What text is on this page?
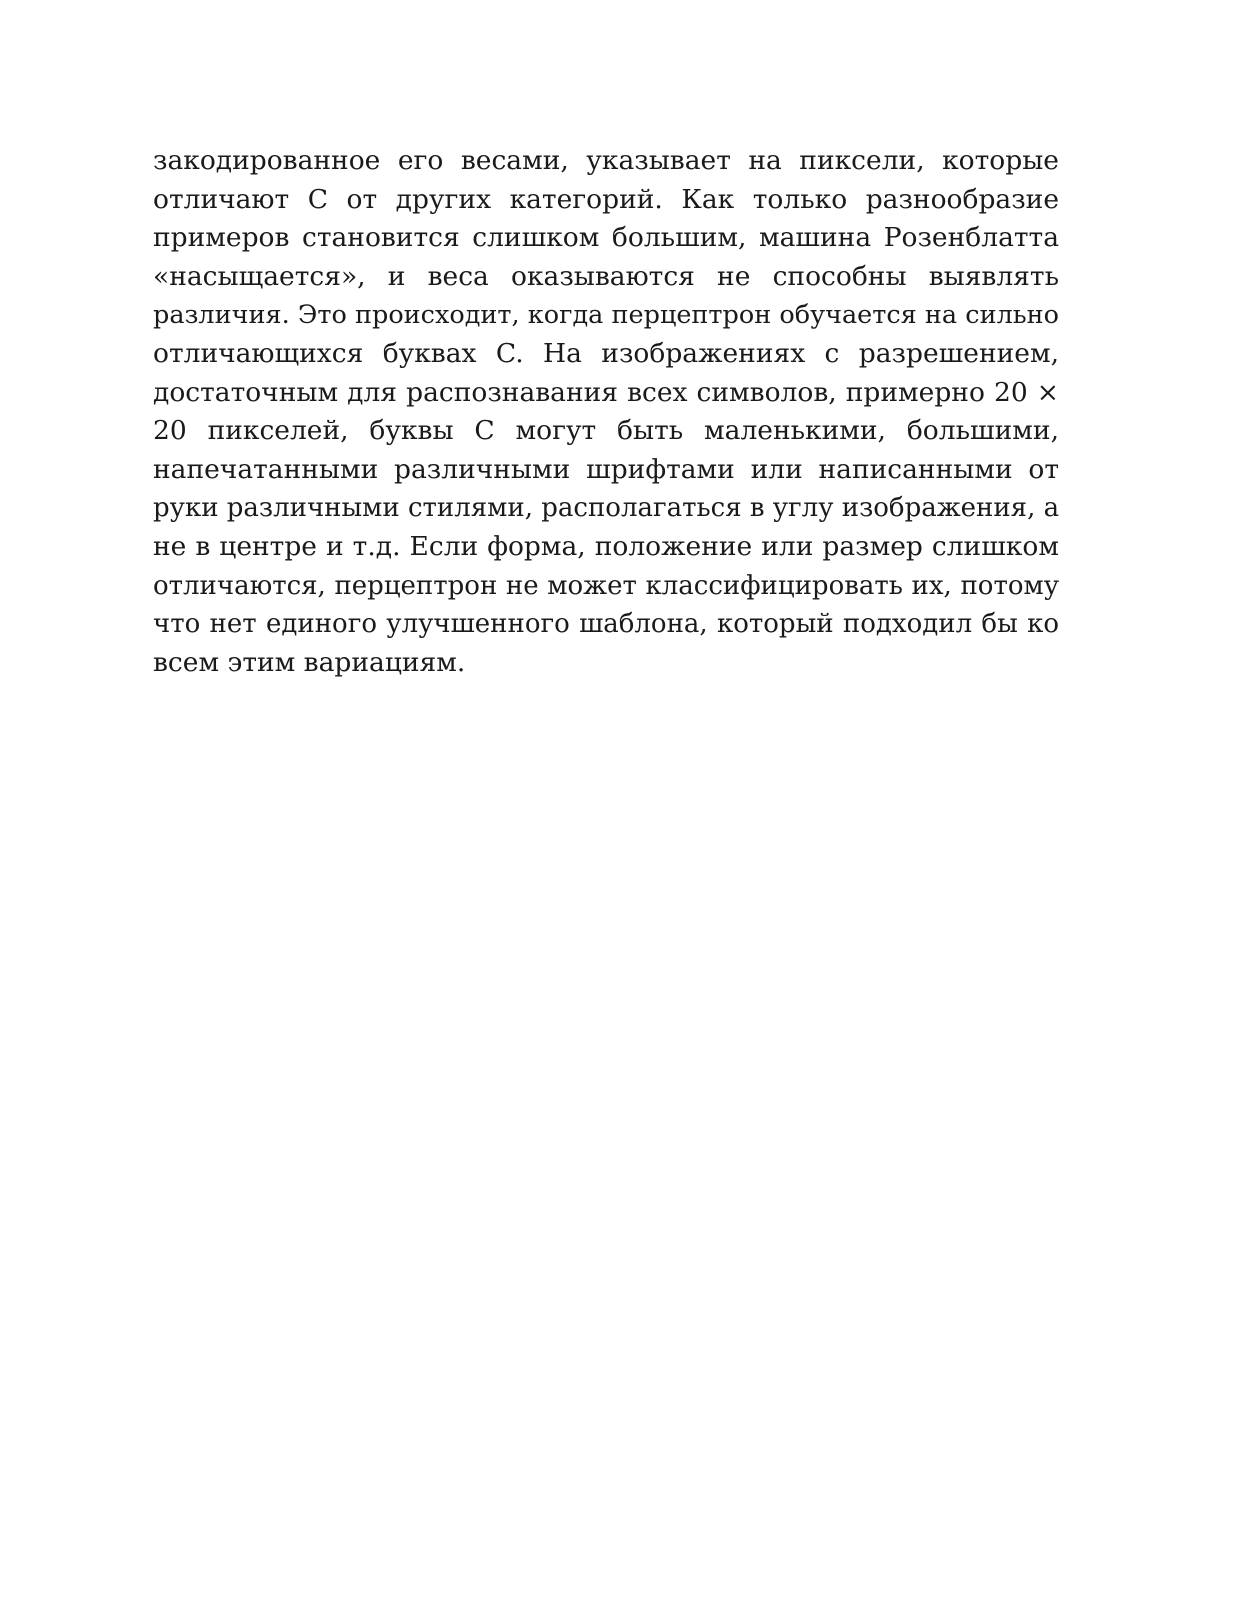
закодированное его весами, указывает на пиксели, которые
отличают C от других категорий. Как только разнообразие
примеров становится слишком большим, машина Розенблатта
«насыщается», и веса оказываются не способны выявлять
различия. Это происходит, когда перцептрон обучается на сильно
отличающихся буквах C. На изображениях с разрешением,
достаточным для распознавания всех символов, примерно 20 ×
20 пикселей, буквы C могут быть маленькими, большими,
напечатанными различными шрифтами или написанными от
руки различными стилями, располагаться в углу изображения, а
не в центре и т.д. Если форма, положение или размер слишком
отличаются, перцептрон не может классифицировать их, потому
что нет единого улучшенного шаблона, который подходил бы ко
всем этим вариациям.
